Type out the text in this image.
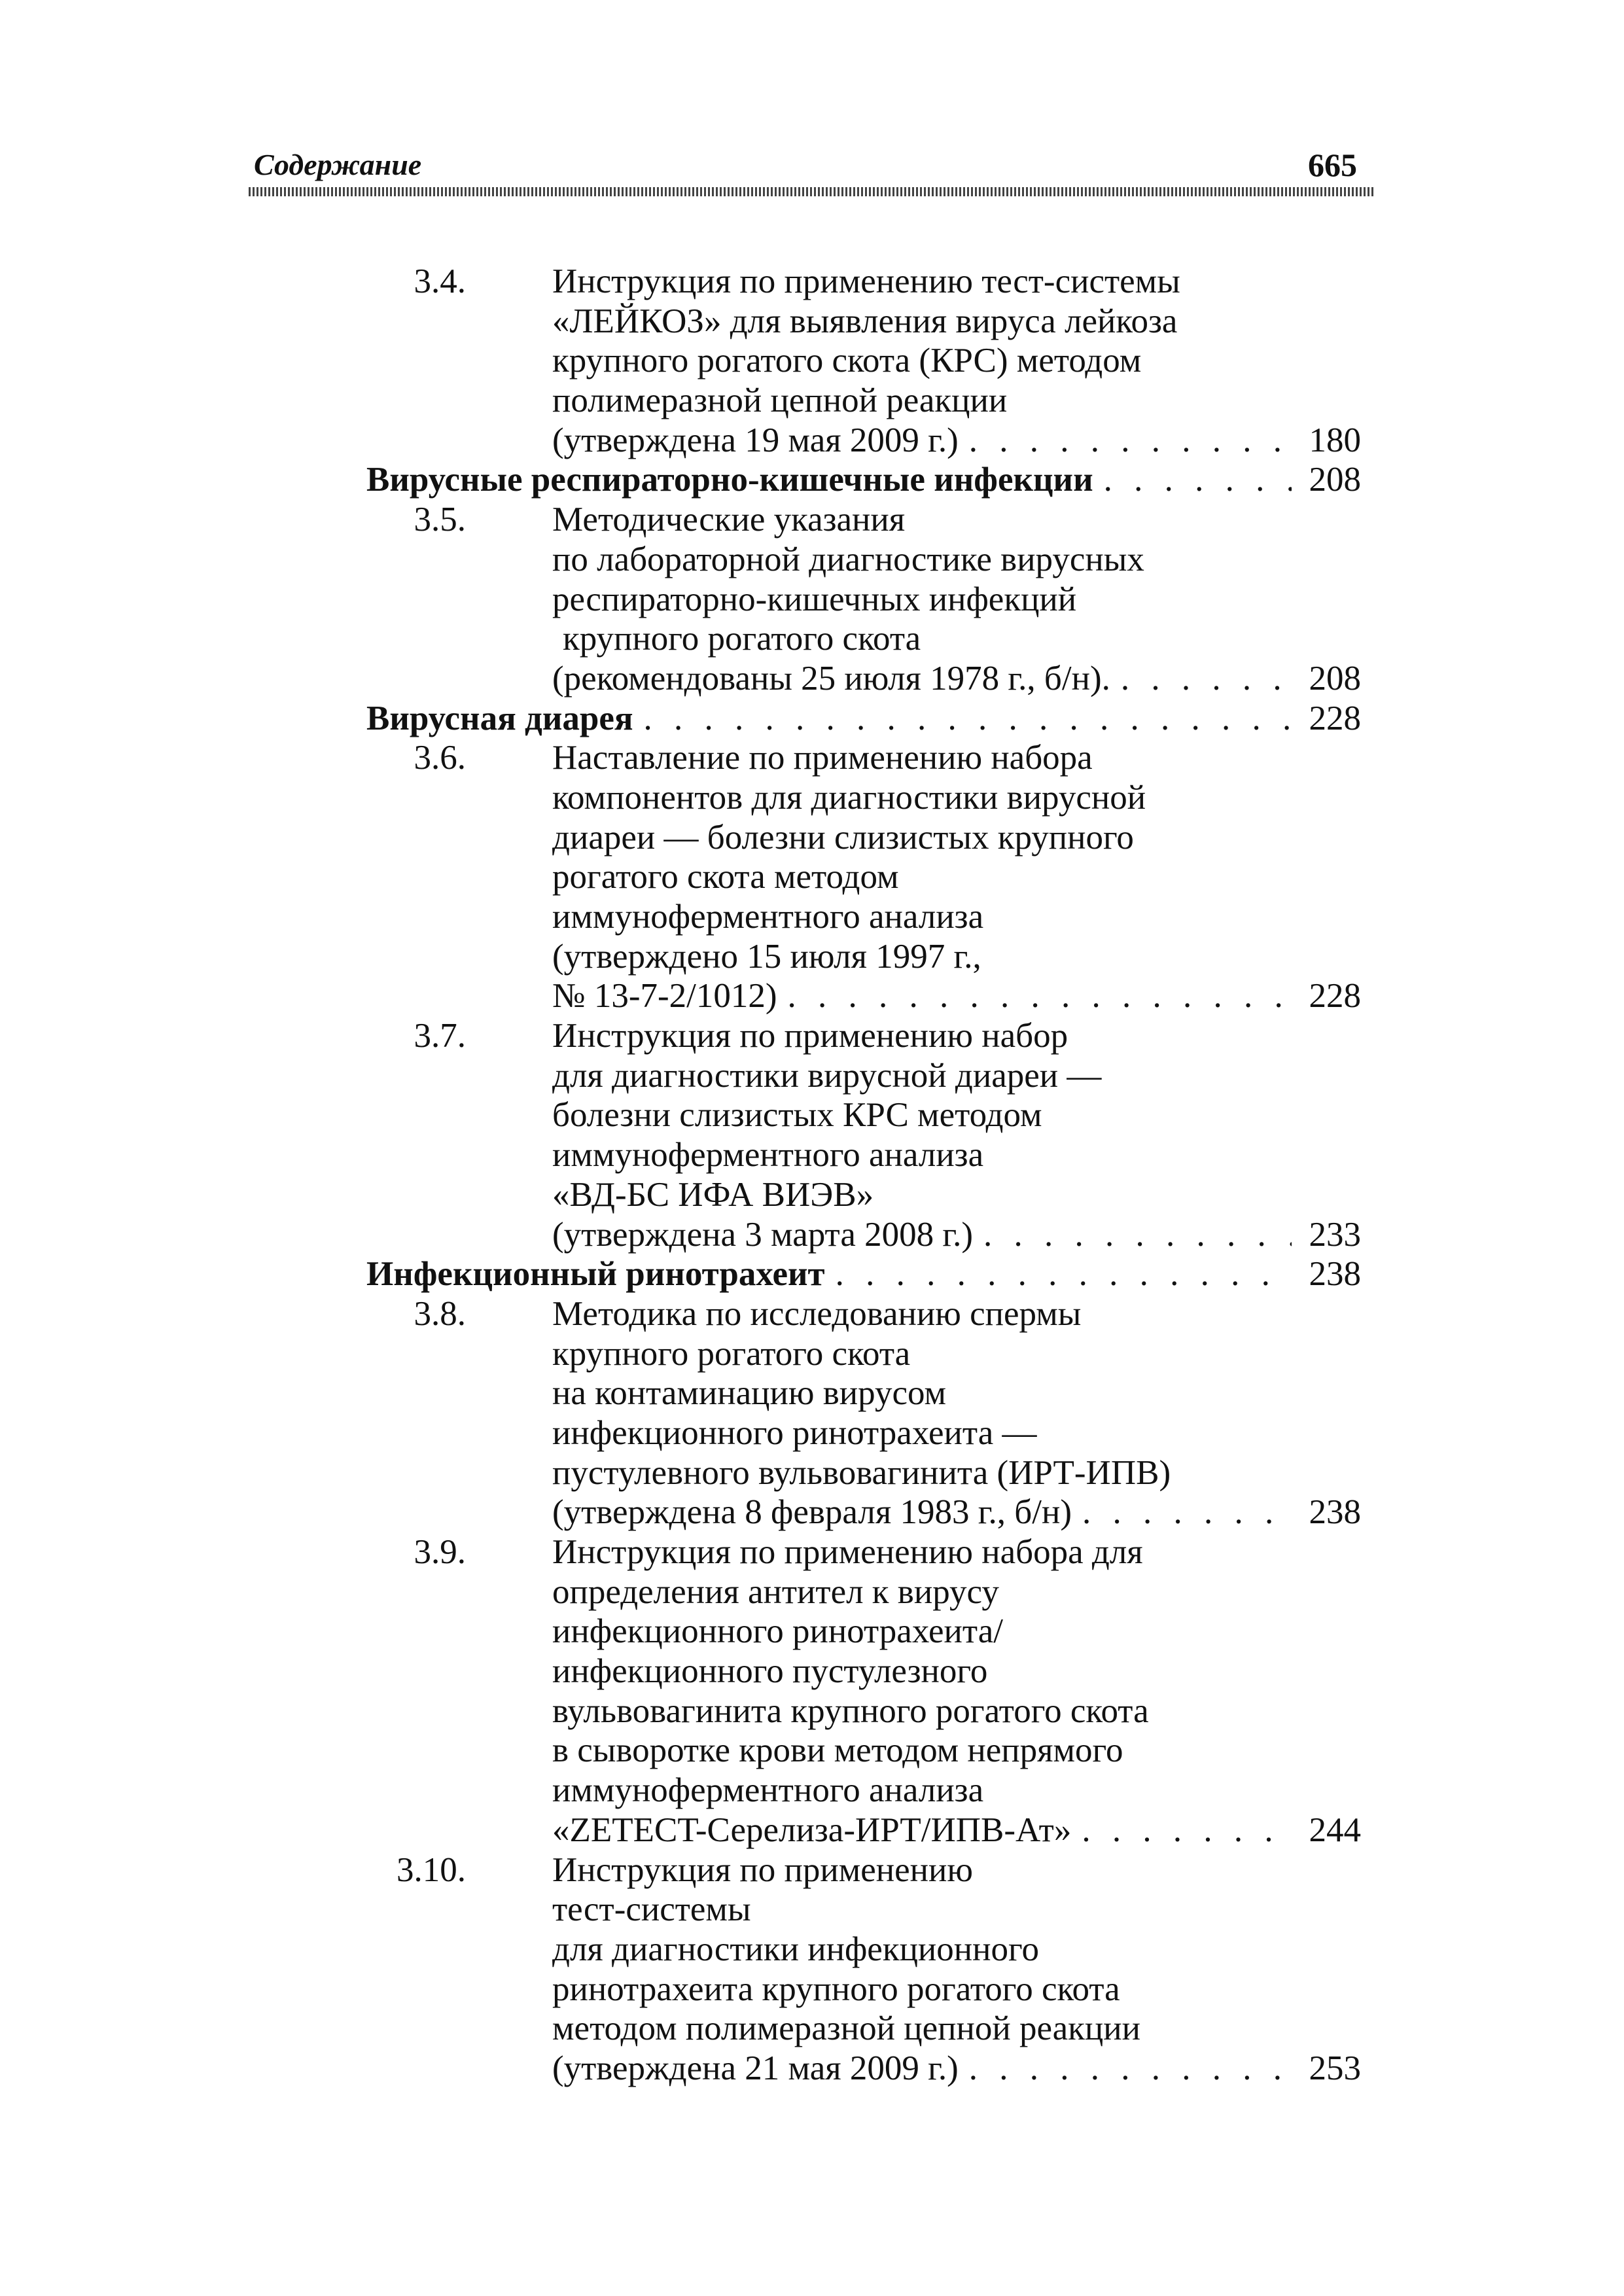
Содержание	665
3.4. Инструкция по применению тест-системы
«ЛЕЙКОЗ» для выявления вируса лейкоза
крупного рогатого скота (КРС) методом
полимеразной цепной реакции
(утверждена 19 мая 2009 г.) . . .	180
Вирусные респираторно-кишечные инфекции . . .	208
3.5. Методические указания
по лабораторной диагностике вирусных
респираторно-кишечных инфекций
крупного рогатого скота
(рекомендованы 25 июля 1978 г., б/н). . . .	208
Вирусная диарея . . .	228
3.6. Наставление по применению набора
компонентов для диагностики вирусной
диареи — болезни слизистых крупного
рогатого скота методом
иммуноферментного анализа
(утверждено 15 июля 1997 г.,
№ 13-7-2/1012) . . .	228
3.7. Инструкция по применению набор
для диагностики вирусной диареи —
болезни слизистых КРС методом
иммуноферментного анализа
«ВД-БС ИФА ВИЭВ»
(утверждена 3 марта 2008 г.) . . .	233
Инфекционный ринотрахеит . . .	238
3.8. Методика по исследованию спермы
крупного рогатого скота
на контаминацию вирусом
инфекционного ринотрахеита —
пустулевного вульвовагинита (ИРТ-ИПВ)
(утверждена 8 февраля 1983 г., б/н) . . .	238
3.9. Инструкция по применению набора для
определения антител к вирусу
инфекционного ринотрахеита/
инфекционного пустулезного
вульвовагинита крупного рогатого скота
в сыворотке крови методом непрямого
иммуноферментного анализа
«ZETECT-Серелиза-ИРТ/ИПВ-Ат» . . .	244
3.10. Инструкция по применению
тест-системы
для диагностики инфекционного
ринотрахеита крупного рогатого скота
методом полимеразной цепной реакции
(утверждена 21 мая 2009 г.) . . .	253
